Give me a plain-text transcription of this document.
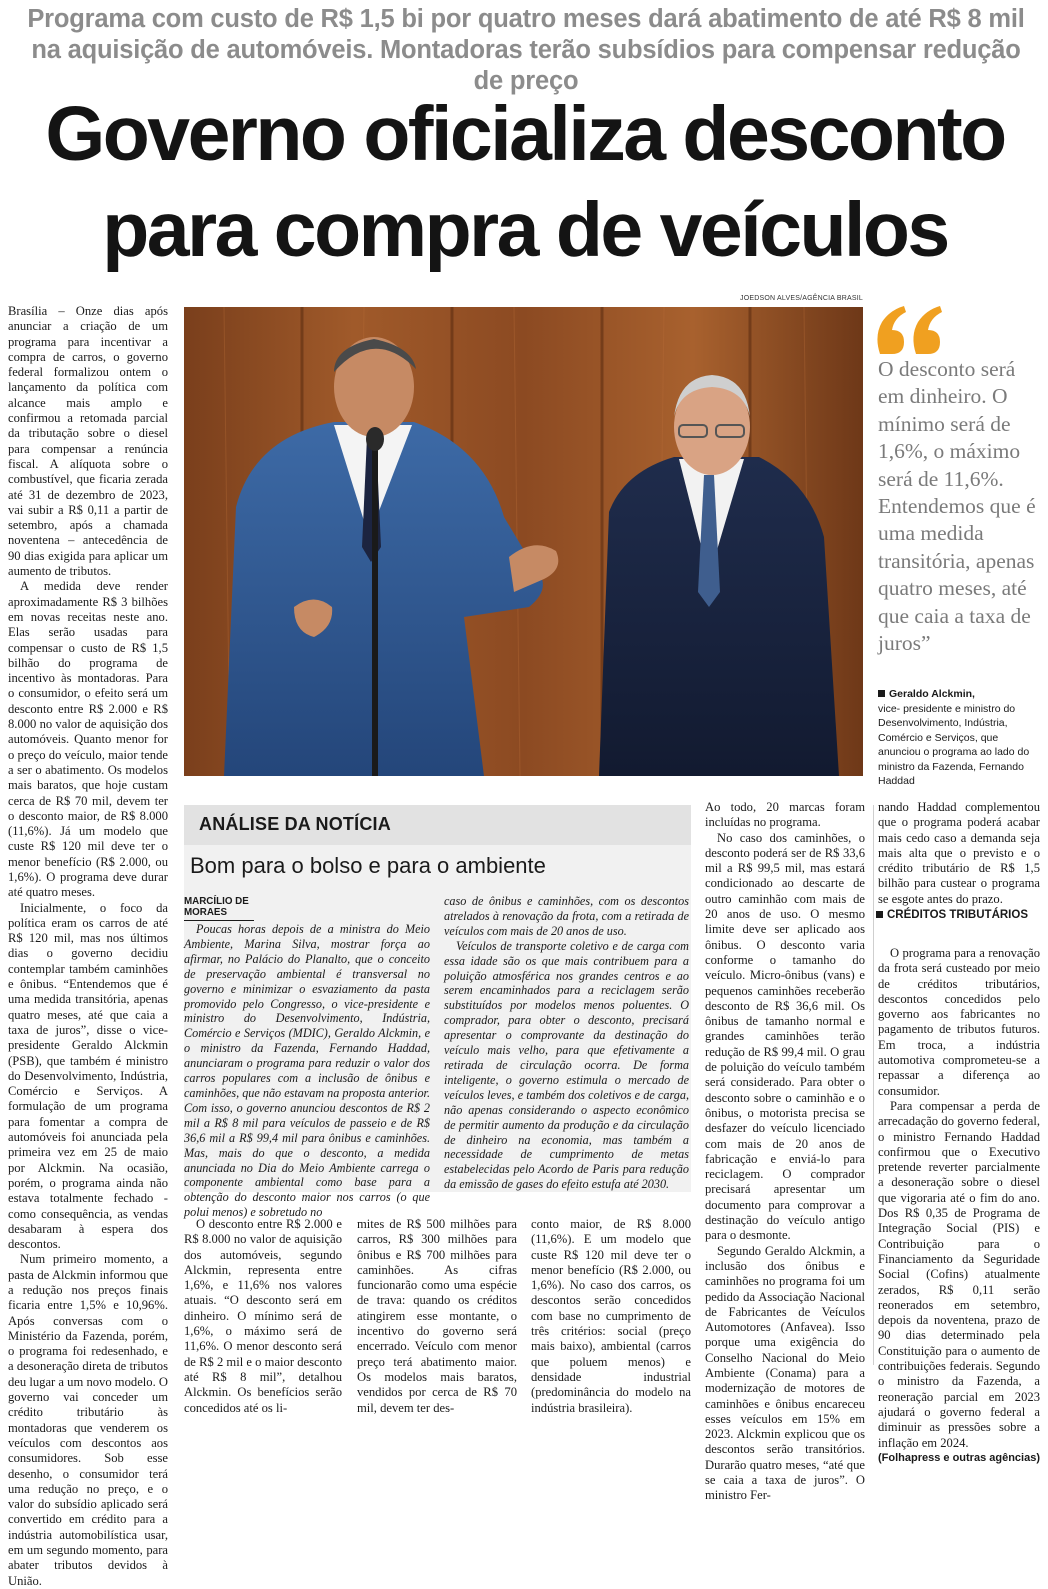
Programa com custo de R$ 1,5 bi por quatro meses dará abatimento de até R$ 8 mil na aquisição de automóveis. Montadoras terão subsídios para compensar redução de preço
Governo oficializa desconto
para compra de veículos

Brasília – Onze dias após anunciar a criação de um programa para incentivar a compra de carros, o governo federal formalizou ontem o lançamento da política com alcance mais amplo e confirmou a retomada parcial da tributação sobre o diesel para compensar a renúncia fiscal. A alíquota sobre o combustível, que ficaria zerada até 31 de dezembro de 2023, vai subir a R$ 0,11 a partir de setembro, após a chamada noventena – antecedência de 90 dias exigida para aplicar um aumento de tributos.

A medida deve render aproximadamente R$ 3 bilhões em novas receitas neste ano. Elas serão usadas para compensar o custo de R$ 1,5 bilhão do programa de incentivo às montadoras. Para o consumidor, o efeito será um desconto entre R$ 2.000 e R$ 8.000 no valor de aquisição dos automóveis. Quanto menor for o preço do veículo, maior tende a ser o abatimento. Os modelos mais baratos, que hoje custam cerca de R$ 70 mil, devem ter o desconto maior, de R$ 8.000 (11,6%). Já um modelo que custe R$ 120 mil deve ter o menor benefício (R$ 2.000, ou 1,6%). O programa deve durar até quatro meses.

Inicialmente, o foco da política eram os carros de até R$ 120 mil, mas nos últimos dias o governo decidiu contemplar também caminhões e ônibus. “Entendemos que é uma medida transitória, apenas quatro meses, até que caia a taxa de juros”, disse o vice-presidente Geraldo Alckmin (PSB), que também é ministro do Desenvolvimento, Indústria, Comércio e Serviços. A formulação de um programa para fomentar a compra de automóveis foi anunciada pela primeira vez em 25 de maio por Alckmin. Na ocasião, porém, o programa ainda não estava totalmente fechado - como consequência, as vendas desabaram à espera dos descontos.

Num primeiro momento, a pasta de Alckmin informou que a redução nos preços finais ficaria entre 1,5% e 10,96%. Após conversas com o Ministério da Fazenda, porém, o programa foi redesenhado, e a desoneração direta de tributos deu lugar a um novo modelo. O governo vai conceder um crédito tributário às montadoras que venderem os veículos com descontos aos consumidores. Sob esse desenho, o consumidor terá uma redução no preço, e o valor do subsídio aplicado será convertido em crédito para a indústria automobilística usar, em um segundo momento, para abater tributos devidos à União.

JOEDSON ALVES/AGÊNCIA BRASIL
O desconto será em dinheiro. O mínimo será de 1,6%, o máximo será de 11,6%. Entendemos que é uma medida transitória, apenas quatro meses, até que caia a taxa de juros”
Geraldo Alckmin,
vice- presidente e ministro do Desenvolvimento, Indústria, Comércio e Serviços, que anunciou o programa ao lado do ministro da Fazenda, Fernando Haddad
ANÁLISE DA NOTÍCIA
Bom para o bolso e para o ambiente
MARCÍLIO DE MORAES

Poucas horas depois de a ministra do Meio Ambiente, Marina Silva, mostrar força ao afirmar, no Palácio do Planalto, que o conceito de preservação ambiental é transversal no governo e minimizar o esvaziamento da pasta promovido pelo Congresso, o vice-presidente e ministro do Desenvolvimento, Indústria, Comércio e Serviços (MDIC), Geraldo Alckmin, e o ministro da Fazenda, Fernando Haddad, anunciaram o programa para reduzir o valor dos carros populares com a inclusão de ônibus e caminhões, que não estavam na proposta anterior. Com isso, o governo anunciou descontos de R$ 2 mil a R$ 8 mil para veículos de passeio e de R$ 36,6 mil a R$ 99,4 mil para ônibus e caminhões. Mas, mais do que o desconto, a medida anunciada no Dia do Meio Ambiente carrega o componente ambiental como base para a obtenção do desconto maior nos carros (o que polui menos) e sobretudo no

caso de ônibus e caminhões, com os descontos atrelados à renovação da frota, com a retirada de veículos com mais de 20 anos de uso.

Veículos de transporte coletivo e de carga com essa idade são os que mais contribuem para a poluição atmosférica nos grandes centros e ao serem encaminhados para a reciclagem serão substituídos por modelos menos poluentes. O comprador, para obter o desconto, precisará apresentar o comprovante da destinação do veículo mais velho, para que efetivamente a retirada de circulação ocorra. De forma inteligente, o governo estimula o mercado de veículos leves, e também dos coletivos e de carga, não apenas considerando o aspecto econômico de permitir aumento da produção e da circulação de dinheiro na economia, mas também a necessidade de cumprimento de metas estabelecidas pelo Acordo de Paris para redução da emissão de gases do efeito estufa até 2030.

O desconto entre R$ 2.000 e R$ 8.000 no valor de aquisição dos automóveis, segundo Alckmin, representa entre 1,6%, e 11,6% nos valores atuais. “O desconto será em dinheiro. O mínimo será de 1,6%, o máximo será de 11,6%. O menor desconto será de R$ 2 mil e o maior desconto até R$ 8 mil”, detalhou Alckmin. Os benefícios serão concedidos até os li-

mites de R$ 500 milhões para carros, R$ 300 milhões para ônibus e R$ 700 milhões para caminhões. As cifras funcionarão como uma espécie de trava: quando os créditos atingirem esse montante, o incentivo do governo será encerrado. Veículo com menor preço terá abatimento maior. Os modelos mais baratos, vendidos por cerca de R$ 70 mil, devem ter des-

conto maior, de R$ 8.000 (11,6%). E um modelo que custe R$ 120 mil deve ter o menor benefício (R$ 2.000, ou 1,6%). No caso dos carros, os descontos serão concedidos com base no cumprimento de três critérios: social (preço mais baixo), ambiental (carros que poluem menos) e densidade industrial (predominância do modelo na indústria brasileira).

Ao todo, 20 marcas foram incluídas no programa.

No caso dos caminhões, o desconto poderá ser de R$ 33,6 mil a R$ 99,5 mil, mas estará condicionado ao descarte de outro caminhão com mais de 20 anos de uso. O mesmo limite deve ser aplicado aos ônibus. O desconto varia conforme o tamanho do veículo. Micro-ônibus (vans) e pequenos caminhões receberão desconto de R$ 36,6 mil. Os ônibus de tamanho normal e grandes caminhões terão redução de R$ 99,4 mil. O grau de poluição do veículo também será considerado. Para obter o desconto sobre o caminhão e o ônibus, o motorista precisa se desfazer do veículo licenciado com mais de 20 anos de fabricação e enviá-lo para reciclagem. O comprador precisará apresentar um documento para comprovar a destinação do veículo antigo para o desmonte.

Segundo Geraldo Alckmin, a inclusão dos ônibus e caminhões no programa foi um pedido da Associação Nacional de Fabricantes de Veículos Automotores (Anfavea). Isso porque uma exigência do Conselho Nacional do Meio Ambiente (Conama) para a modernização de motores de caminhões e ônibus encareceu esses veículos em 15% em 2023. Alckmin explicou que os descontos serão transitórios. Durarão quatro meses, “até que se caia a taxa de juros”. O ministro Fer-

nando Haddad complementou que o programa poderá acabar mais cedo caso a demanda seja mais alta que o previsto e o crédito tributário de R$ 1,5 bilhão para custear o programa se esgote antes do prazo.

CRÉDITOS TRIBUTÁRIOS

O programa para a renovação da frota será custeado por meio de créditos tributários, descontos concedidos pelo governo aos fabricantes no pagamento de tributos futuros. Em troca, a indústria automotiva comprometeu-se a repassar a diferença ao consumidor.

Para compensar a perda de arrecadação do governo federal, o ministro Fernando Haddad confirmou que o Executivo pretende reverter parcialmente a desoneração sobre o diesel que vigoraria até o fim do ano. Dos R$ 0,35 de Programa de Integração Social (PIS) e Contribuição para o Financiamento da Seguridade Social (Cofins) atualmente zerados, R$ 0,11 serão reonerados em setembro, depois da noventena, prazo de 90 dias determinado pela Constituição para o aumento de contribuições federais. Segundo o ministro da Fazenda, a reoneração parcial em 2023 ajudará o governo federal a diminuir as pressões sobre a inflação em 2024.

(Folhapress e outras agências)
